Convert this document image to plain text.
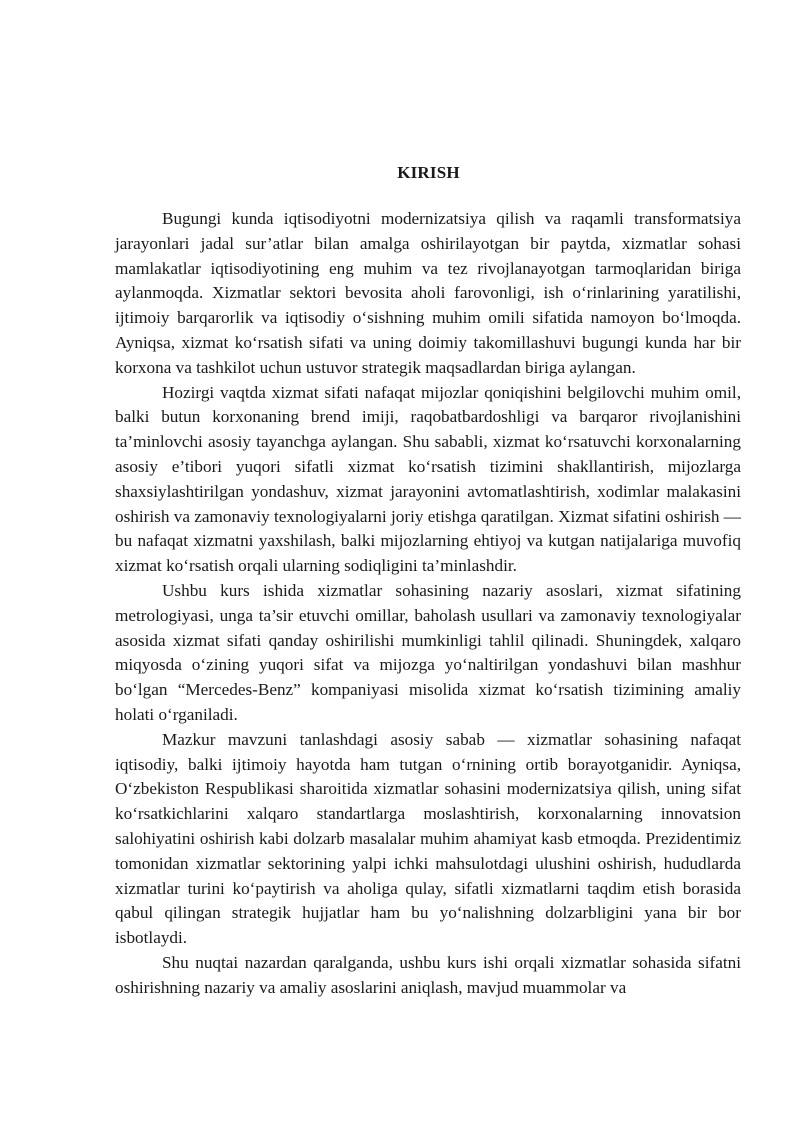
KIRISH

Bugungi kunda iqtisodiyotni modernizatsiya qilish va raqamli transformatsiya jarayonlari jadal sur’atlar bilan amalga oshirilayotgan bir paytda, xizmatlar sohasi mamlakatlar iqtisodiyotining eng muhim va tez rivojlanayotgan tarmoqlaridan biriga aylanmoqda. Xizmatlar sektori bevosita aholi farovonligi, ish o‘rinlarining yaratilishi, ijtimoiy barqarorlik va iqtisodiy o‘sishning muhim omili sifatida namoyon bo‘lmoqda. Ayniqsa, xizmat ko‘rsatish sifati va uning doimiy takomillashuvi bugungi kunda har bir korxona va tashkilot uchun ustuvor strategik maqsadlardan biriga aylangan.

Hozirgi vaqtda xizmat sifati nafaqat mijozlar qoniqishini belgilovchi muhim omil, balki butun korxonaning brend imiji, raqobatbardoshligi va barqaror rivojlanishini ta’minlovchi asosiy tayanchga aylangan. Shu sababli, xizmat ko‘rsatuvchi korxonalarning asosiy e’tibori yuqori sifatli xizmat ko‘rsatish tizimini shakllantirish, mijozlarga shaxsiylashtirilgan yondashuv, xizmat jarayonini avtomatlashtirish, xodimlar malakasini oshirish va zamonaviy texnologiyalarni joriy etishga qaratilgan. Xizmat sifatini oshirish — bu nafaqat xizmatni yaxshilash, balki mijozlarning ehtiyoj va kutgan natijalariga muvofiq xizmat ko‘rsatish orqali ularning sodiqligini ta’minlashdir.

Ushbu kurs ishida xizmatlar sohasining nazariy asoslari, xizmat sifatining metrologiyasi, unga ta’sir etuvchi omillar, baholash usullari va zamonaviy texnologiyalar asosida xizmat sifati qanday oshirilishi mumkinligi tahlil qilinadi. Shuningdek, xalqaro miqyosda o‘zining yuqori sifat va mijozga yo‘naltirilgan yondashuvi bilan mashhur bo‘lgan “Mercedes-Benz” kompaniyasi misolida xizmat ko‘rsatish tizimining amaliy holati o‘rganiladi.

Mazkur mavzuni tanlashdagi asosiy sabab — xizmatlar sohasining nafaqat iqtisodiy, balki ijtimoiy hayotda ham tutgan o‘rnining ortib borayotganidir. Ayniqsa, O‘zbekiston Respublikasi sharoitida xizmatlar sohasini modernizatsiya qilish, uning sifat ko‘rsatkichlarini xalqaro standartlarga moslashtirish, korxonalarning innovatsion salohiyatini oshirish kabi dolzarb masalalar muhim ahamiyat kasb etmoqda. Prezidentimiz tomonidan xizmatlar sektorining yalpi ichki mahsulotdagi ulushini oshirish, hududlarda xizmatlar turini ko‘paytirish va aholiga qulay, sifatli xizmatlarni taqdim etish borasida qabul qilingan strategik hujjatlar ham bu yo‘nalishning dolzarbligini yana bir bor isbotlaydi.

Shu nuqtai nazardan qaralganda, ushbu kurs ishi orqali xizmatlar sohasida sifatni oshirishning nazariy va amaliy asoslarini aniqlash, mavjud muammolar va
